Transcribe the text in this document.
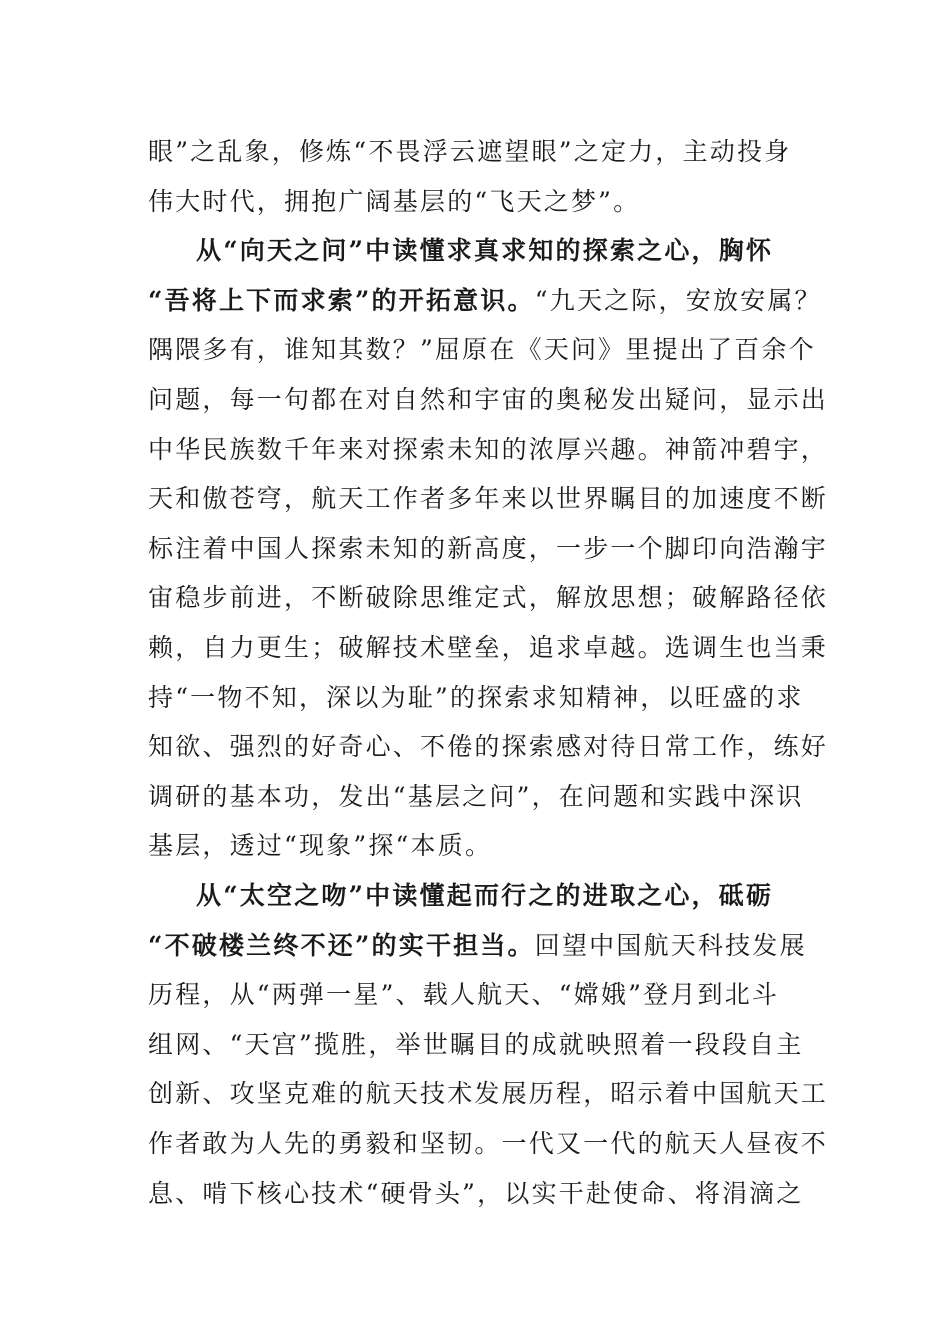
眼”之乱象，修炼“不畏浮云遮望眼”之定力，主动投身
伟大时代，拥抱广阔基层的“飞天之梦”。
从“向天之问”中读懂求真求知的探索之心，胸怀
“吾将上下而求索”的开拓意识。“九天之际，安放安属？
隅隈多有，谁知其数？”屈原在《天问》里提出了百余个
问题，每一句都在对自然和宇宙的奥秘发出疑问，显示出
中华民族数千年来对探索未知的浓厚兴趣。神箭冲碧宇，
天和傲苍穹，航天工作者多年来以世界瞩目的加速度不断
标注着中国人探索未知的新高度，一步一个脚印向浩瀚宇
宙稳步前进，不断破除思维定式，解放思想；破解路径依
赖，自力更生；破解技术壁垒，追求卓越。选调生也当秉
持“一物不知，深以为耻”的探索求知精神，以旺盛的求
知欲、强烈的好奇心、不倦的探索感对待日常工作，练好
调研的基本功，发出“基层之问”，在问题和实践中深识
基层，透过“现象”探“本质。
从“太空之吻”中读懂起而行之的进取之心，砥砺
“不破楼兰终不还”的实干担当。回望中国航天科技发展
历程，从“两弹一星”、载人航天、“嫦娥”登月到北斗
组网、“天宫”揽胜，举世瞩目的成就映照着一段段自主
创新、攻坚克难的航天技术发展历程，昭示着中国航天工
作者敢为人先的勇毅和坚韧。一代又一代的航天人昼夜不
息、啃下核心技术“硬骨头”，以实干赴使命、将涓滴之
